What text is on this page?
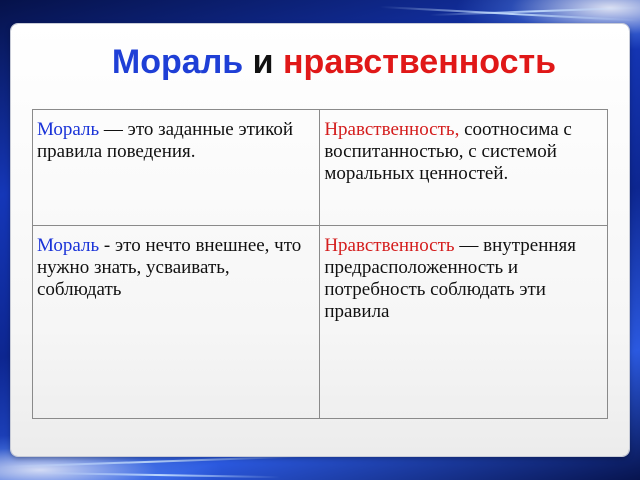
Мораль и нравственность
Мораль — это заданные этикой правила поведения.	Нравственность, соотносима с воспитанностью, с системой моральных ценностей.
Мораль - это нечто внешнее, что нужно знать, усваивать, соблюдать	Нравственность — внутренняя предрасположенность и потребность соблюдать эти правила
